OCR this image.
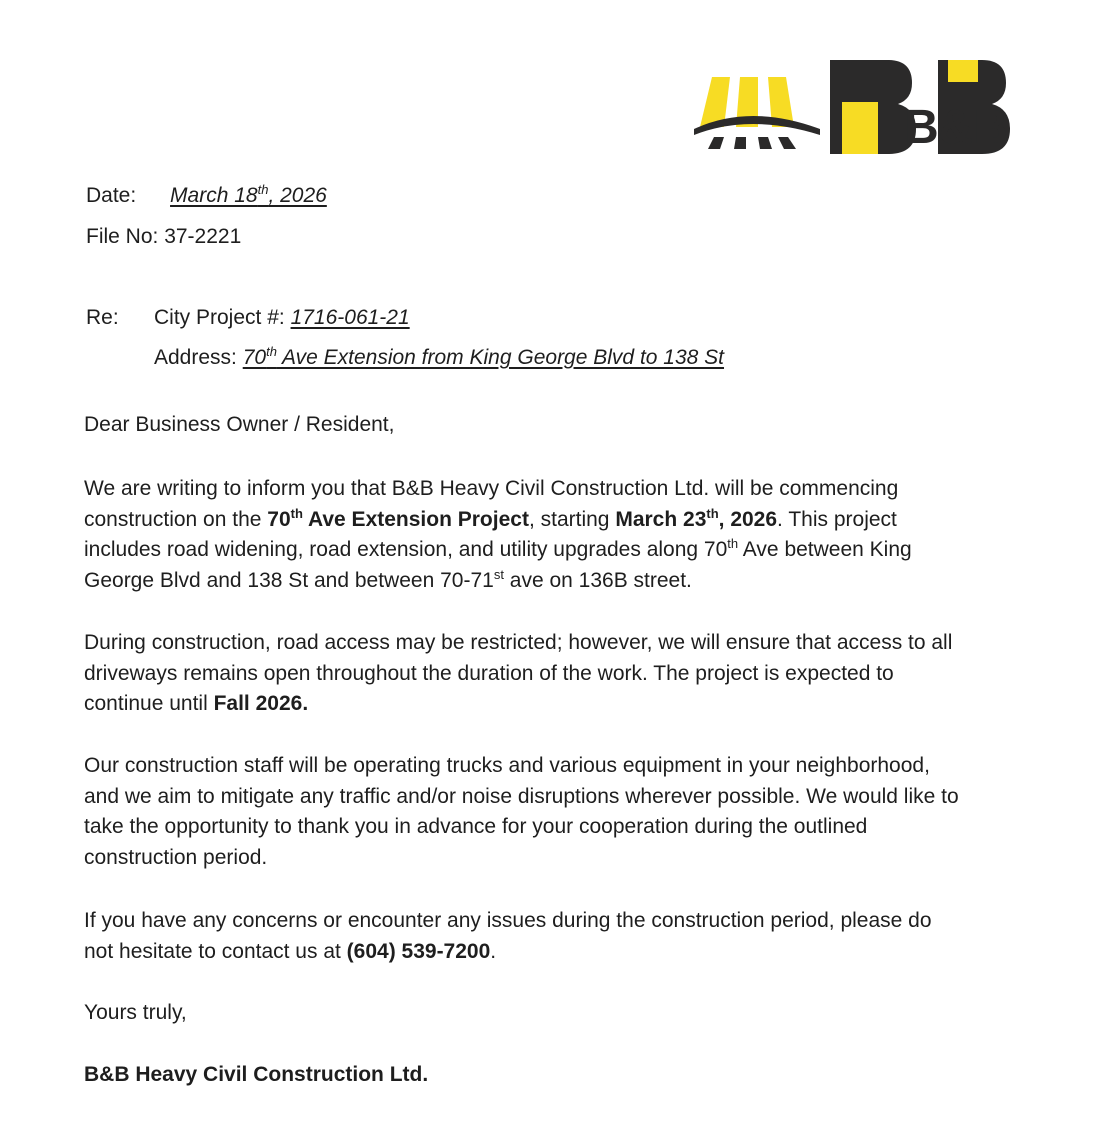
B&B
Date: March 18th, 2026
File No: 37-2221
Re: City Project #: 1716-061-21
Address: 70th Ave Extension from King George Blvd to 138 St
Dear Business Owner / Resident,
We are writing to inform you that B&B Heavy Civil Construction Ltd. will be commencing
construction on the 70th Ave Extension Project, starting March 23th, 2026. This project
includes road widening, road extension, and utility upgrades along 70th Ave between King
George Blvd and 138 St and between 70-71st ave on 136B street.
During construction, road access may be restricted; however, we will ensure that access to all
driveways remains open throughout the duration of the work. The project is expected to
continue until Fall 2026.
Our construction staff will be operating trucks and various equipment in your neighborhood,
and we aim to mitigate any traffic and/or noise disruptions wherever possible. We would like to
take the opportunity to thank you in advance for your cooperation during the outlined
construction period.
If you have any concerns or encounter any issues during the construction period, please do
not hesitate to contact us at (604) 539-7200.
Yours truly,
B&B Heavy Civil Construction Ltd.
